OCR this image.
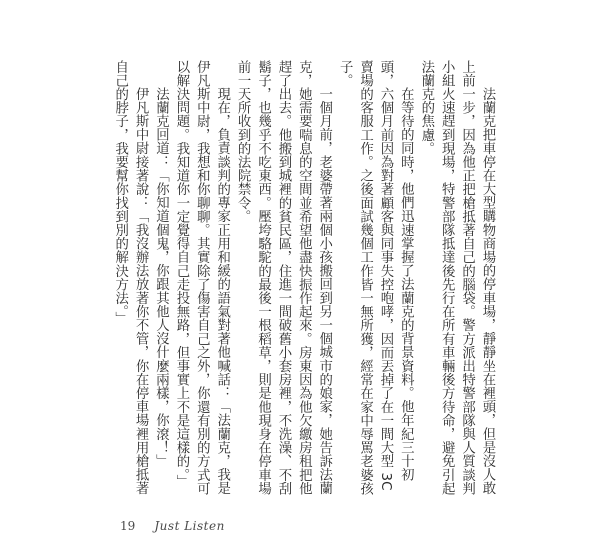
法蘭克把車停在大型購物商場的停車場，靜靜坐在裡頭，但是沒人敢上前一步，因為他正把槍抵著自己的腦袋。警方派出特警部隊與人質談判小組火速趕到現場，特警部隊抵達後先行在所有車輛後方待命，避免引起法蘭克的焦慮。

在等待的同時，他們迅速掌握了法蘭克的背景資料。他年紀三十初頭，六個月前因為對著顧客與同事失控咆哮，因而丟掉了在一間大型 3C 賣場的客服工作。之後面試幾個工作皆一無所獲，經常在家中辱罵老婆孩子。

一個月前，老婆帶著兩個小孩搬回到另一個城市的娘家，她告訴法蘭克，她需要喘息的空間並希望他盡快振作起來。房東因為他欠繳房租把他趕了出去。他搬到城裡的貧民區，住進一間破舊小套房裡，不洗澡、不刮鬍子，也幾乎不吃東西。壓垮駱駝的最後一根稻草，則是他現身在停車場前一天所收到的法院禁令。

現在，負責談判的專家正用和緩的語氣對著他喊話：「法蘭克，我是伊凡斯中尉，我想和你聊聊。其實除了傷害自己之外，你還有別的方式可以解決問題。我知道你一定覺得自己走投無路，但事實上不是這樣的。」

法蘭克回道：「你知道個鬼，你跟其他人沒什麼兩樣，你滾！」

伊凡斯中尉接著說：「我沒辦法放著你不管，你在停車場裡用槍抵著自己的脖子，我要幫你找到別的解決方法。」

19 Just Listen
